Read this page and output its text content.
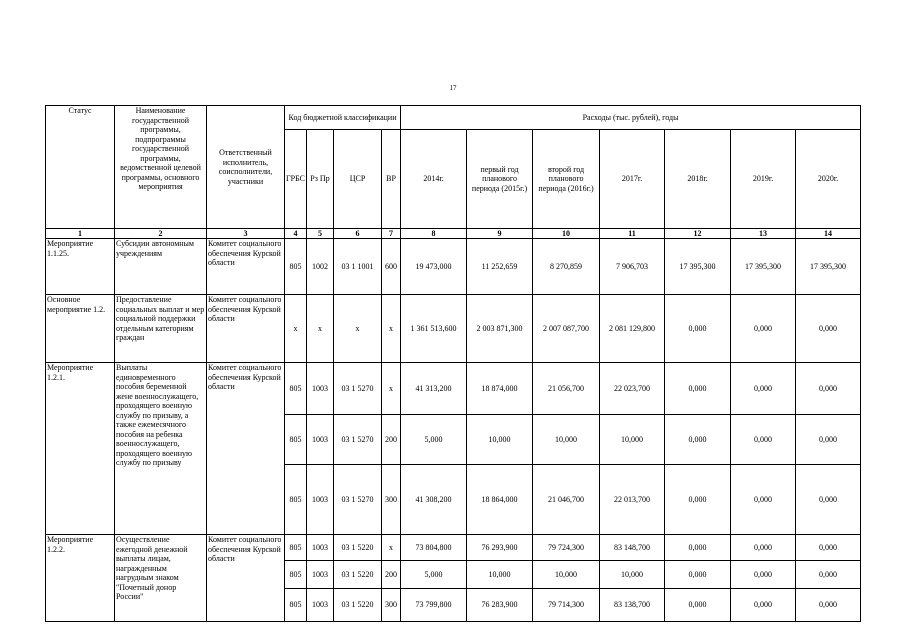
17
Статус	Наименование государственной программы, подпрограммы государственной программы, ведомственной целевой программы, основного мероприятия	Ответственный исполнитель, соисполнители, участники	Код бюджетной классификации				Расходы (тыс. рублей), годы						
			ГРБС	Рз Пр	ЦСР	ВР	2014г.	первый год планового периода (2015г.)	второй год планового периода (2016г.)	2017г.	2018г.	2019г.	2020г.
1	2	3	4	5	6	7	8	9	10	11	12	13	14
Мероприятие 1.1.25.	Субсидии автономным учреждениям	Комитет социального обеспечения Курской области	805	1002	03 1 1001	600	19 473,000	11 252,659	8 270,859	7 906,703	17 395,300	17 395,300	17 395,300
Основное мероприятие 1.2.	Предоставление социальных выплат и мер социальной поддержки отдельным категориям граждан	Комитет социального обеспечения Курской области	х	х	х	х	1 361 513,600	2 003 871,300	2 007 087,700	2 081 129,800	0,000	0,000	0,000
Мероприятие 1.2.1.	Выплаты единовременного пособия беременной жене военнослужащего, проходящего военную службу по призыву, а также ежемесячного пособия на ребенка военнослужащего, проходящего военную службу по призыву	Комитет социального обеспечения Курской области	805	1003	03 1 5270	х	41 313,200	18 874,000	21 056,700	22 023,700	0,000	0,000	0,000
			805	1003	03 1 5270	200	5,000	10,000	10,000	10,000	0,000	0,000	0,000
			805	1003	03 1 5270	300	41 308,200	18 864,000	21 046,700	22 013,700	0,000	0,000	0,000
Мероприятие 1.2.2.	Осуществление ежегодной денежной выплаты лицам, награжденным нагрудным знаком "Почетный донор России"	Комитет социального обеспечения Курской области	805	1003	03 1 5220	х	73 804,800	76 293,900	79 724,300	83 148,700	0,000	0,000	0,000
			805	1003	03 1 5220	200	5,000	10,000	10,000	10,000	0,000	0,000	0,000
			805	1003	03 1 5220	300	73 799,800	76 283,900	79 714,300	83 138,700	0,000	0,000	0,000
